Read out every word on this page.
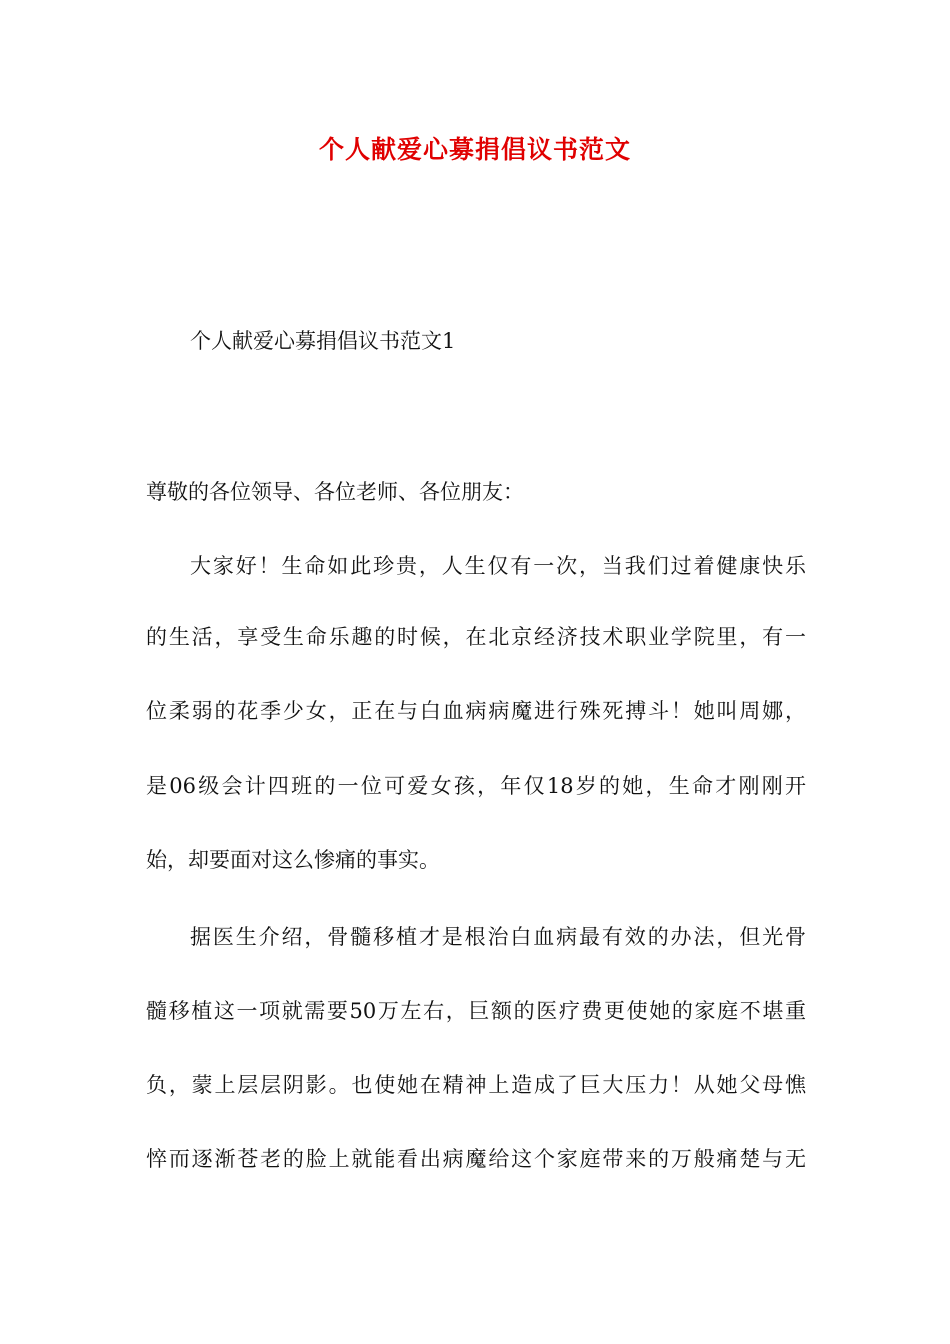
个人献爱心募捐倡议书范文

个人献爱心募捐倡议书范文1

尊敬的各位领导、各位老师、各位朋友：

大家好！生命如此珍贵，人生仅有一次，当我们过着健康快乐

的生活，享受生命乐趣的时候，在北京经济技术职业学院里，有一

位柔弱的花季少女，正在与白血病病魔进行殊死搏斗！她叫周娜，

是06级会计四班的一位可爱女孩，年仅18岁的她，生命才刚刚开

始，却要面对这么惨痛的事实。

据医生介绍，骨髓移植才是根治白血病最有效的办法，但光骨

髓移植这一项就需要50万左右，巨额的医疗费更使她的家庭不堪重

负，蒙上层层阴影。也使她在精神上造成了巨大压力！从她父母憔

悴而逐渐苍老的脸上就能看出病魔给这个家庭带来的万般痛楚与无
